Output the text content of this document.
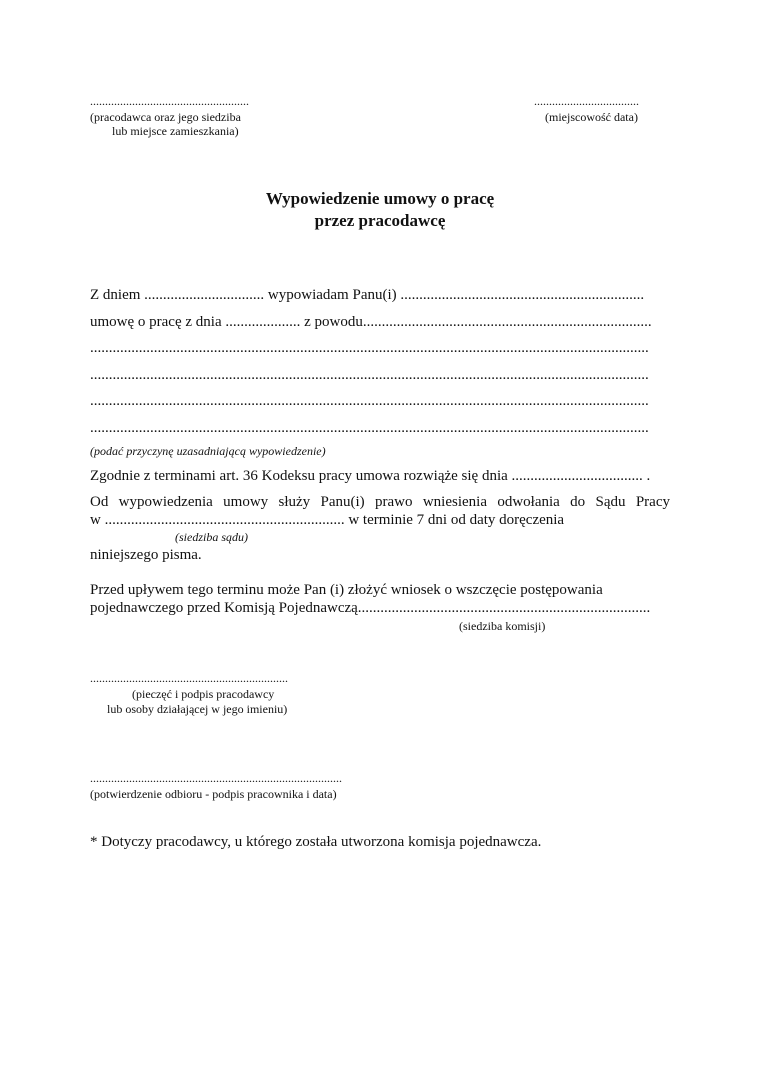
.....................................................
(pracodawca oraz jego siedziba
lub miejsce zamieszkania)
...................................
(miejscowość data)
Wypowiedzenie umowy o pracę
przez pracodawcę
Z dniem ................................ wypowiadam Panu(i) .................................................................
umowę o pracę z dnia .................... z powodu.............................................................................
.....................................................................................................................................................
.....................................................................................................................................................
.....................................................................................................................................................
.....................................................................................................................................................
(podać przyczynę uzasadniającą wypowiedzenie)
Zgodnie z terminami art. 36 Kodeksu pracy umowa rozwiąże się dnia ................................... .
Od wypowiedzenia umowy służy Panu(i) prawo wniesienia odwołania do Sądu Pracy
w ................................................................ w terminie 7 dni od daty doręczenia
(siedziba sądu)
niniejszego pisma.
Przed upływem tego terminu może Pan (i) złożyć wniosek o wszczęcie postępowania
pojednawczego przed Komisją Pojednawczą..............................................................................
(siedziba komisji)
..................................................................
(pieczęć i podpis pracodawcy
lub osoby działającej w jego imieniu)
....................................................................................
(potwierdzenie odbioru - podpis pracownika i data)
* Dotyczy pracodawcy, u którego została utworzona komisja pojednawcza.
